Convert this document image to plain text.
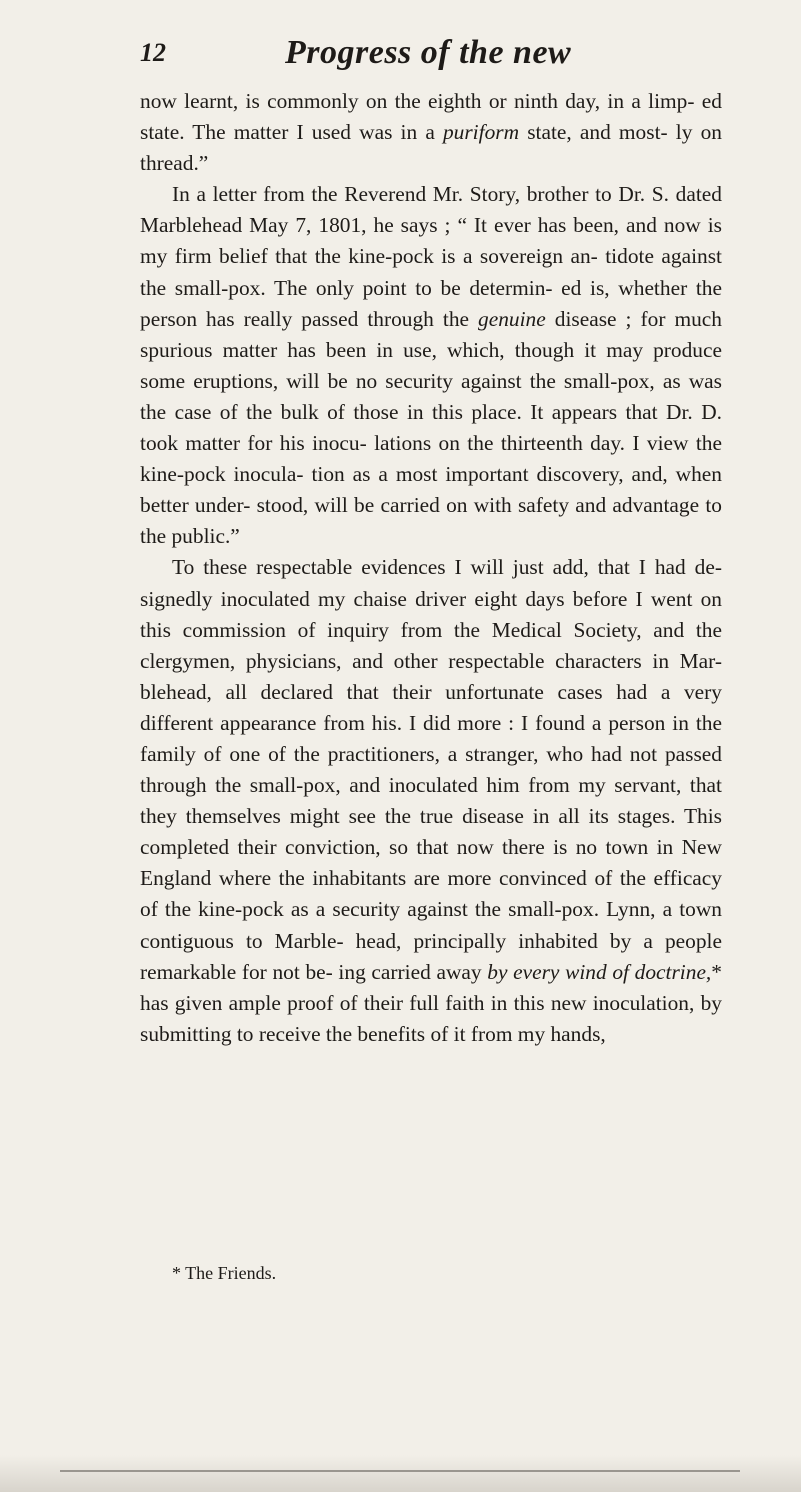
12	Progress of the new

now learnt, is commonly on the eighth or ninth day, in a limp- ed state. The matter I used was in a puriform state, and most- ly on thread.”

In a letter from the Reverend Mr. Story, brother to Dr. S. dated Marblehead May 7, 1801, he says ; “ It ever has been, and now is my firm belief that the kine-pock is a sovereign an- tidote against the small-pox. The only point to be determin- ed is, whether the person has really passed through the genuine disease ; for much spurious matter has been in use, which, though it may produce some eruptions, will be no security against the small-pox, as was the case of the bulk of those in this place. It appears that Dr. D. took matter for his inocu- lations on the thirteenth day. I view the kine-pock inocula- tion as a most important discovery, and, when better under- stood, will be carried on with safety and advantage to the public.”

To these respectable evidences I will just add, that I had de- signedly inoculated my chaise driver eight days before I went on this commission of inquiry from the Medical Society, and the clergymen, physicians, and other respectable characters in Mar- blehead, all declared that their unfortunate cases had a very different appearance from his. I did more : I found a person in the family of one of the practitioners, a stranger, who had not passed through the small-pox, and inoculated him from my servant, that they themselves might see the true disease in all its stages. This completed their conviction, so that now there is no town in New England where the inhabitants are more convinced of the efficacy of the kine-pock as a security against the small-pox. Lynn, a town contiguous to Marble- head, principally inhabited by a people remarkable for not be- ing carried away by every wind of doctrine,* has given ample proof of their full faith in this new inoculation, by submitting to receive the benefits of it from my hands,

* The Friends.
